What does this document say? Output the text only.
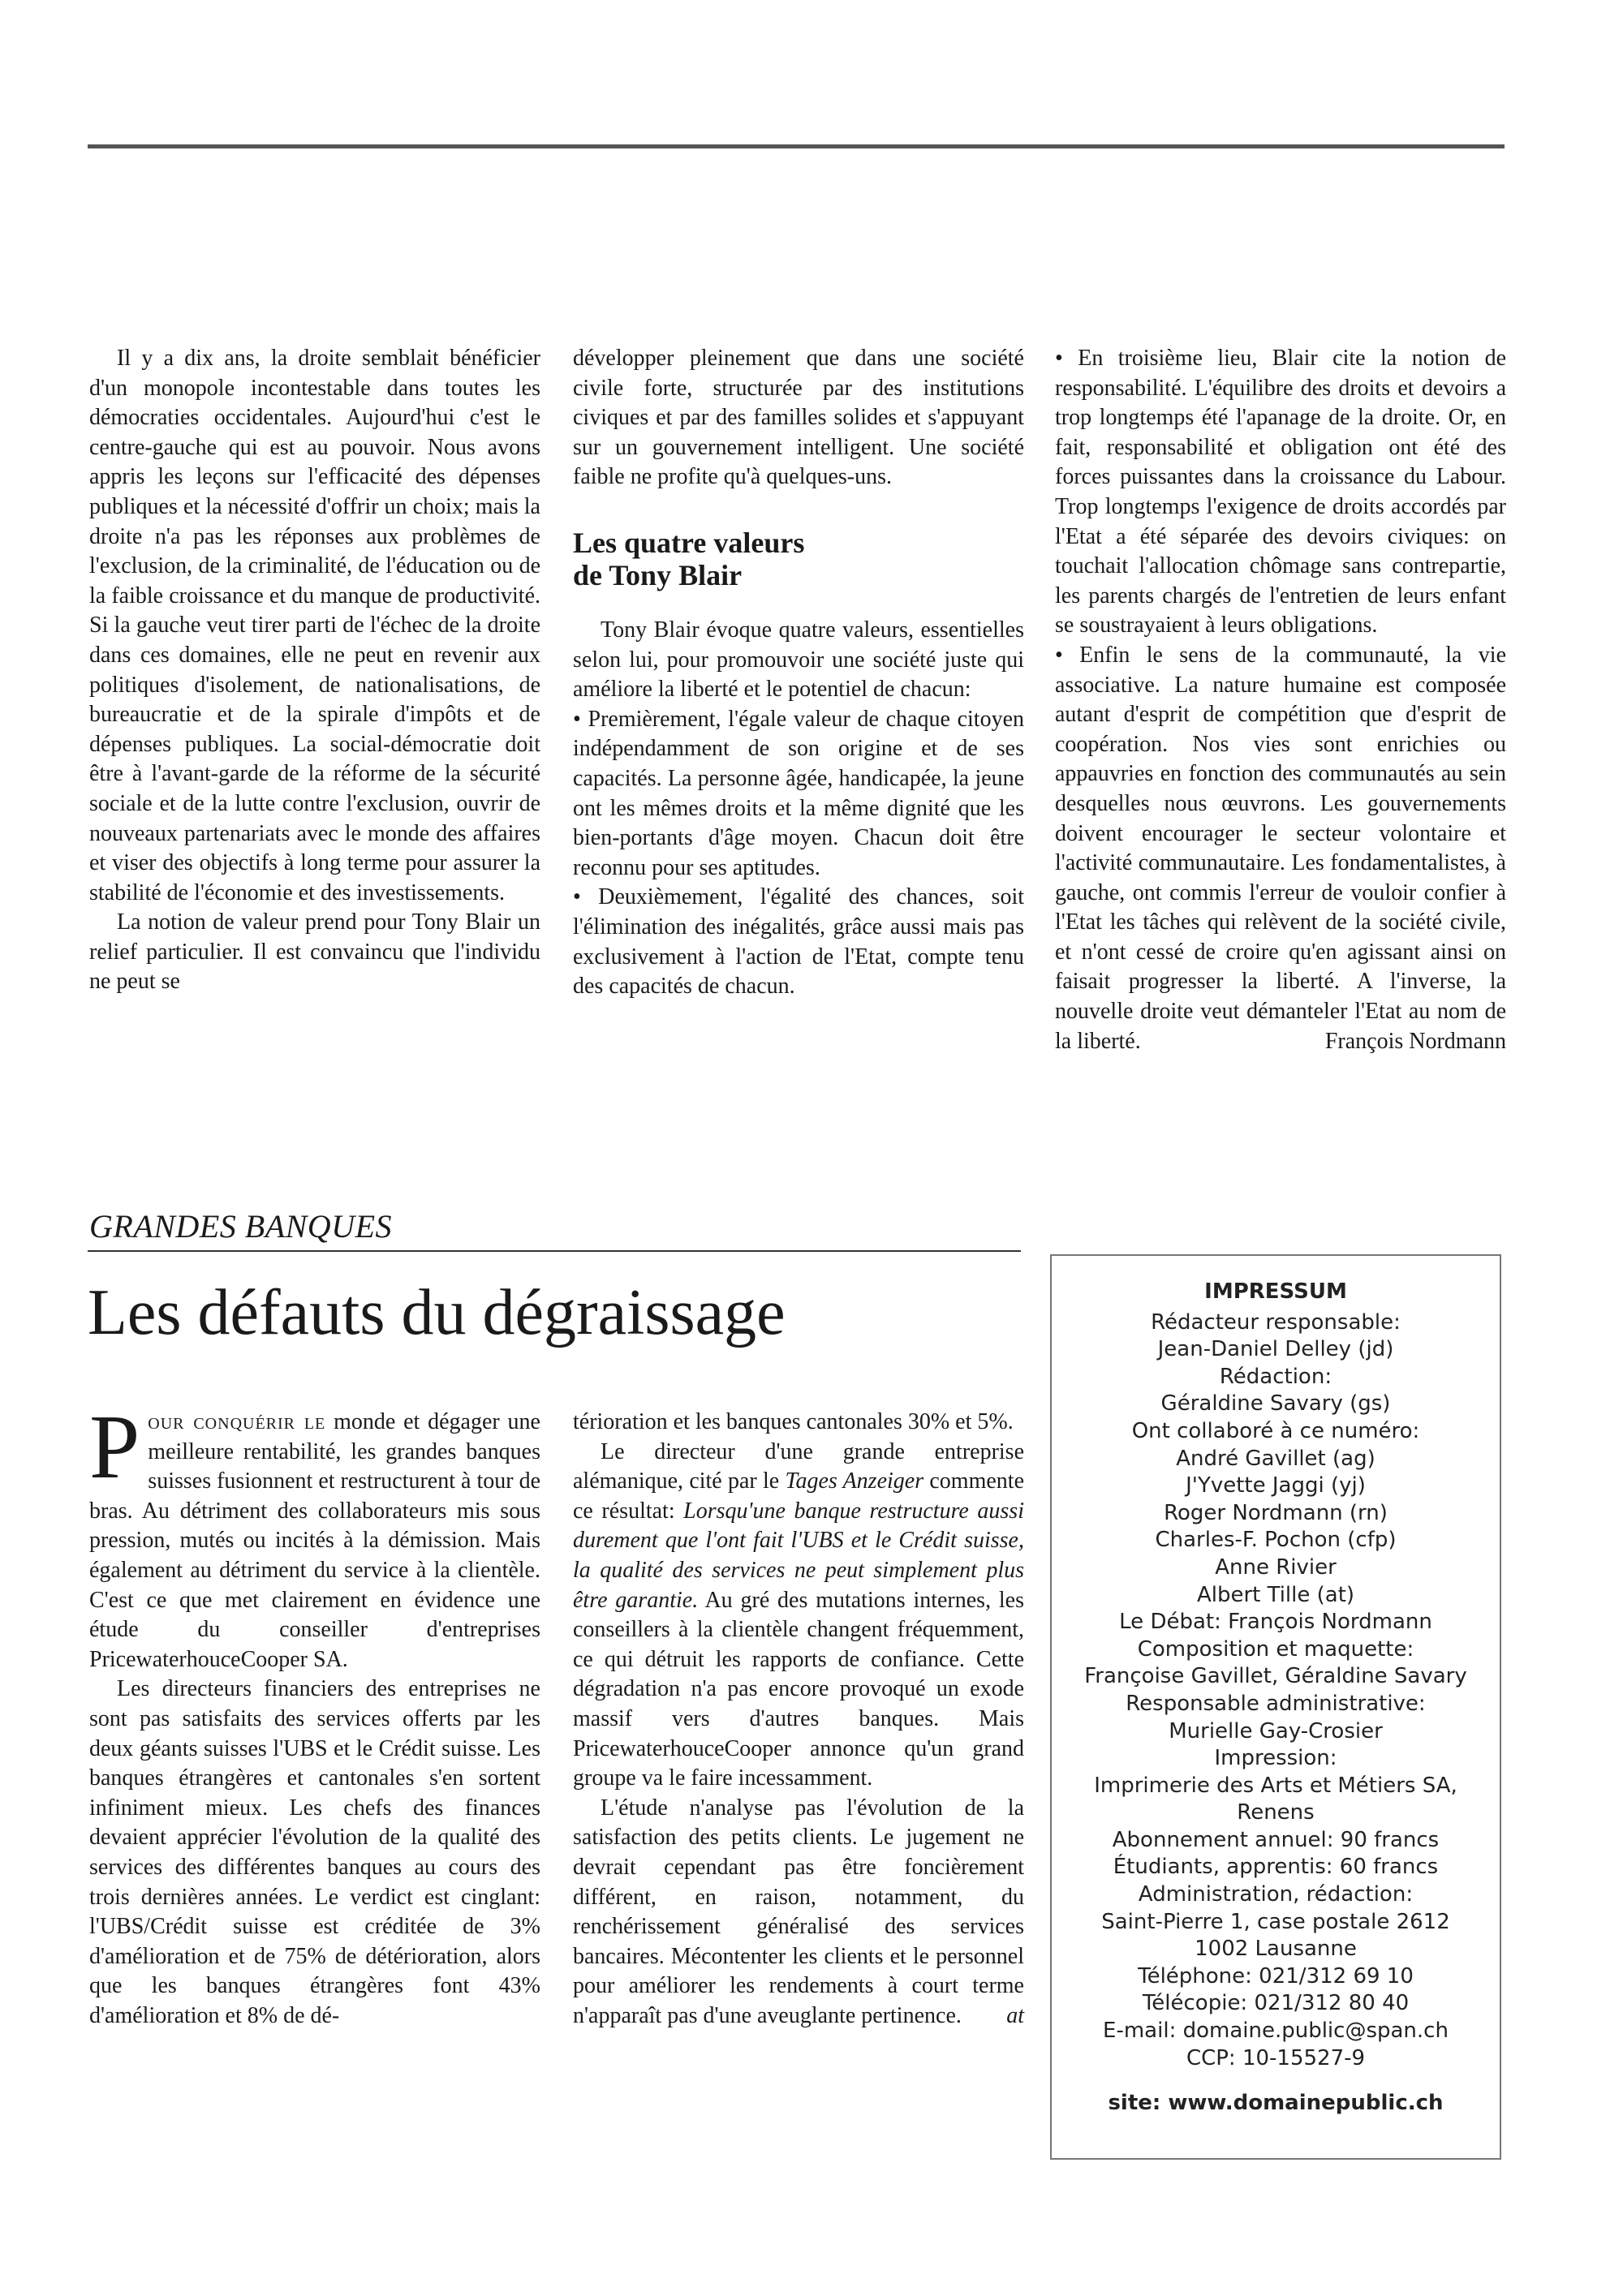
Il y a dix ans, la droite semblait bénéficier d'un monopole incontestable dans toutes les démocraties occidentales. Aujourd'hui c'est le centre-gauche qui est au pouvoir. Nous avons appris les leçons sur l'efficacité des dépenses publiques et la nécessité d'offrir un choix; mais la droite n'a pas les réponses aux problèmes de l'exclusion, de la criminalité, de l'éducation ou de la faible croissance et du manque de productivité. Si la gauche veut tirer parti de l'échec de la droite dans ces domaines, elle ne peut en revenir aux politiques d'isolement, de nationalisations, de bureaucratie et de la spirale d'impôts et de dépenses publiques. La social-démocratie doit être à l'avant-garde de la réforme de la sécurité sociale et de la lutte contre l'exclusion, ouvrir de nouveaux partenariats avec le monde des affaires et viser des objectifs à long terme pour assurer la stabilité de l'économie et des investissements.

La notion de valeur prend pour Tony Blair un relief particulier. Il est convaincu que l'individu ne peut se

développer pleinement que dans une société civile forte, structurée par des institutions civiques et par des familles solides et s'appuyant sur un gouvernement intelligent. Une société faible ne profite qu'à quelques-uns.

Les quatre valeurs
de Tony Blair

Tony Blair évoque quatre valeurs, essentielles selon lui, pour promouvoir une société juste qui améliore la liberté et le potentiel de chacun:

• Premièrement, l'égale valeur de chaque citoyen indépendamment de son origine et de ses capacités. La personne âgée, handicapée, la jeune ont les mêmes droits et la même dignité que les bien-portants d'âge moyen. Chacun doit être reconnu pour ses aptitudes.

• Deuxièmement, l'égalité des chances, soit l'élimination des inégalités, grâce aussi mais pas exclusivement à l'action de l'Etat, compte tenu des capacités de chacun.

• En troisième lieu, Blair cite la notion de responsabilité. L'équilibre des droits et devoirs a trop longtemps été l'apanage de la droite. Or, en fait, responsabilité et obligation ont été des forces puissantes dans la croissance du Labour. Trop longtemps l'exigence de droits accordés par l'Etat a été séparée des devoirs civiques: on touchait l'allocation chômage sans contrepartie, les parents chargés de l'entretien de leurs enfant se soustrayaient à leurs obligations.

• Enfin le sens de la communauté, la vie associative. La nature humaine est composée autant d'esprit de compétition que d'esprit de coopération. Nos vies sont enrichies ou appauvries en fonction des communautés au sein desquelles nous œuvrons. Les gouvernements doivent encourager le secteur volontaire et l'activité communautaire. Les fondamentalistes, à gauche, ont commis l'erreur de vouloir confier à l'Etat les tâches qui relèvent de la société civile, et n'ont cessé de croire qu'en agissant ainsi on faisait progresser la liberté. A l'inverse, la nouvelle droite veut démanteler l'Etat au nom de la liberté.	François Nordmann

GRANDES BANQUES
Les défauts du dégraissage

Pour conquérir le monde et dégager une meilleure rentabilité, les grandes banques suisses fusionnent et restructurent à tour de bras. Au détriment des collaborateurs mis sous pression, mutés ou incités à la démission. Mais également au détriment du service à la clientèle. C'est ce que met clairement en évidence une étude du conseiller d'entreprises PricewaterhouceCooper SA.

Les directeurs financiers des entreprises ne sont pas satisfaits des services offerts par les deux géants suisses l'UBS et le Crédit suisse. Les banques étrangères et cantonales s'en sortent infiniment mieux. Les chefs des finances devaient apprécier l'évolution de la qualité des services des différentes banques au cours des trois dernières années. Le verdict est cinglant: l'UBS/Crédit suisse est créditée de 3% d'amélioration et de 75% de détérioration, alors que les banques étrangères font 43% d'amélioration et 8% de dé-

térioration et les banques cantonales 30% et 5%.

Le directeur d'une grande entreprise alémanique, cité par le Tages Anzeiger commente ce résultat: Lorsqu'une banque restructure aussi durement que l'ont fait l'UBS et le Crédit suisse, la qualité des services ne peut simplement plus être garantie. Au gré des mutations internes, les conseillers à la clientèle changent fréquemment, ce qui détruit les rapports de confiance. Cette dégradation n'a pas encore provoqué un exode massif vers d'autres banques. Mais PricewaterhouceCooper annonce qu'un grand groupe va le faire incessamment.

L'étude n'analyse pas l'évolution de la satisfaction des petits clients. Le jugement ne devrait cependant pas être foncièrement différent, en raison, notamment, du renchérissement généralisé des services bancaires. Mécontenter les clients et le personnel pour améliorer les rendements à court terme n'apparaît pas d'une aveuglante pertinence.	at

IMPRESSUM
Rédacteur responsable:
Jean-Daniel Delley (jd)
Rédaction:
Géraldine Savary (gs)
Ont collaboré à ce numéro:
André Gavillet (ag)
J'Yvette Jaggi (yj)
Roger Nordmann (rn)
Charles-F. Pochon (cfp)
Anne Rivier
Albert Tille (at)
Le Débat: François Nordmann
Composition et maquette:
Françoise Gavillet, Géraldine Savary
Responsable administrative:
Murielle Gay-Crosier
Impression:
Imprimerie des Arts et Métiers SA,
Renens
Abonnement annuel: 90 francs
Étudiants, apprentis: 60 francs
Administration, rédaction:
Saint-Pierre 1, case postale 2612
1002 Lausanne
Téléphone: 021/312 69 10
Télécopie: 021/312 80 40
E-mail: domaine.public@span.ch
CCP: 10-15527-9
site: www.domainepublic.ch
